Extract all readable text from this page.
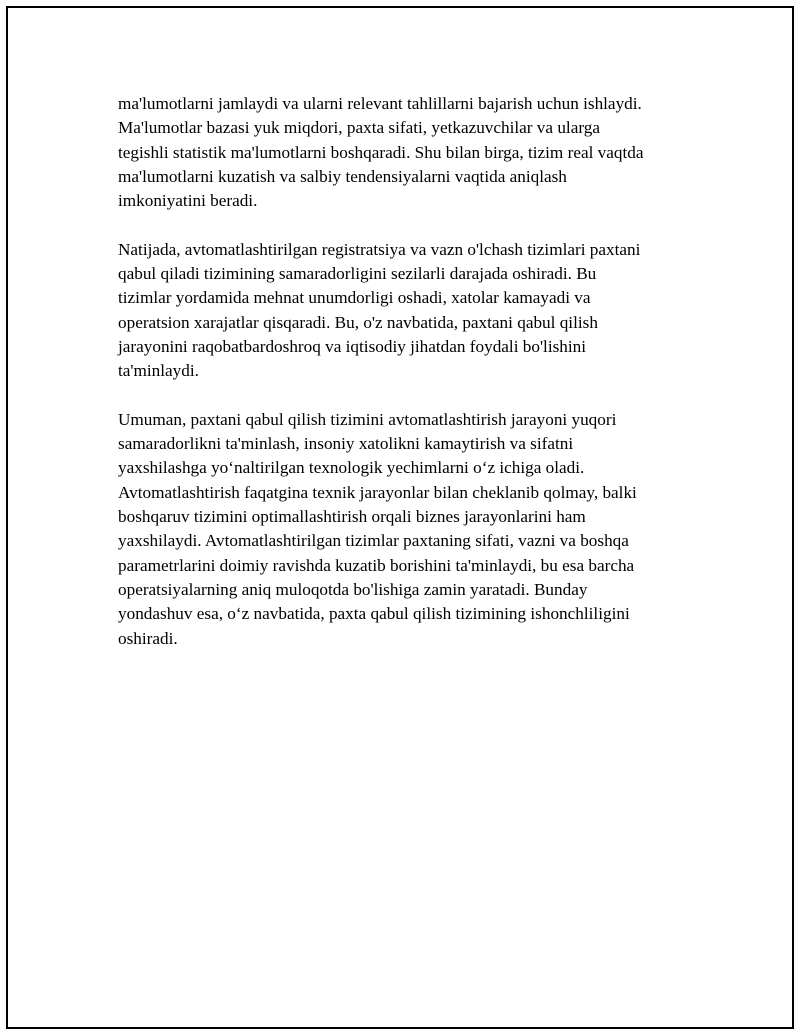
ma'lumotlarni jamlaydi va ularni relevant tahlillarni bajarish uchun ishlaydi.
Ma'lumotlar bazasi yuk miqdori, paxta sifati, yetkazuvchilar va ularga
tegishli statistik ma'lumotlarni boshqaradi. Shu bilan birga, tizim real vaqtda
ma'lumotlarni kuzatish va salbiy tendensiyalarni vaqtida aniqlash
imkoniyatini beradi.

Natijada, avtomatlashtirilgan registratsiya va vazn o'lchash tizimlari paxtani
qabul qiladi tizimining samaradorligini sezilarli darajada oshiradi. Bu
tizimlar yordamida mehnat unumdorligi oshadi, xatolar kamayadi va
operatsion xarajatlar qisqaradi. Bu, o'z navbatida, paxtani qabul qilish
jarayonini raqobatbardoshroq va iqtisodiy jihatdan foydali bo'lishini
ta'minlaydi.

Umuman, paxtani qabul qilish tizimini avtomatlashtirish jarayoni yuqori
samaradorlikni ta'minlash, insoniy xatolikni kamaytirish va sifatni
yaxshilashga yo‘naltirilgan texnologik yechimlarni o‘z ichiga oladi.
Avtomatlashtirish faqatgina texnik jarayonlar bilan cheklanib qolmay, balki
boshqaruv tizimini optimallashtirish orqali biznes jarayonlarini ham
yaxshilaydi. Avtomatlashtirilgan tizimlar paxtaning sifati, vazni va boshqa
parametrlarini doimiy ravishda kuzatib borishini ta'minlaydi, bu esa barcha
operatsiyalarning aniq muloqotda bo'lishiga zamin yaratadi. Bunday
yondashuv esa, o‘z navbatida, paxta qabul qilish tizimining ishonchliligini
oshiradi.
